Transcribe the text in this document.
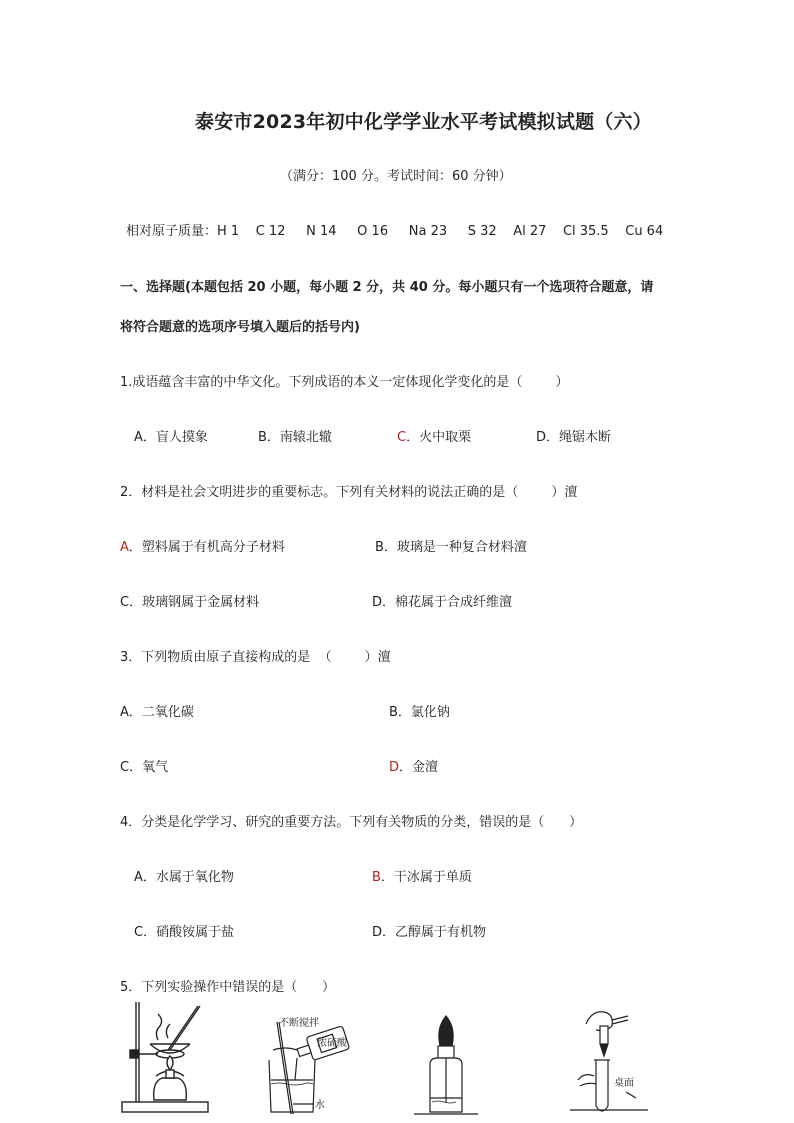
泰安市2023年初中化学学业水平考试模拟试题（六）
（满分：100 分。考试时间：60 分钟）
相对原子质量：H 1    C 12     N 14     O 16     Na 23     S 32    Al 27    Cl 35.5    Cu 64
一、选择题(本题包括 20 小题，每小题 2 分，共 40 分。每小题只有一个选项符合题意，请
将符合题意的选项序号填入题后的括号内)
1.成语蕴含丰富的中华文化。下列成语的本义一定体现化学变化的是（        ）
A．盲人摸象	B．南辕北辙	C．火中取栗	D．绳锯木断
2．材料是社会文明进步的重要标志。下列有关材料的说法正确的是（        ）澶
A．塑料属于有机高分子材料	B．玻璃是一种复合材料澶
C．玻璃钢属于金属材料	D．棉花属于合成纤维澶
3．下列物质由原子直接构成的是  （        ）澶
A．二氧化碳	B．氯化钠
C．氧气	D．金澶
4．分类是化学学习、研究的重要方法。下列有关物质的分类，错误的是（      ）
A．水属于氧化物	B．干冰属于单质
C．硝酸铵属于盐	D．乙醇属于有机物
5．下列实验操作中错误的是（      ）
不断搅拌
浓硫酸
水
桌面
